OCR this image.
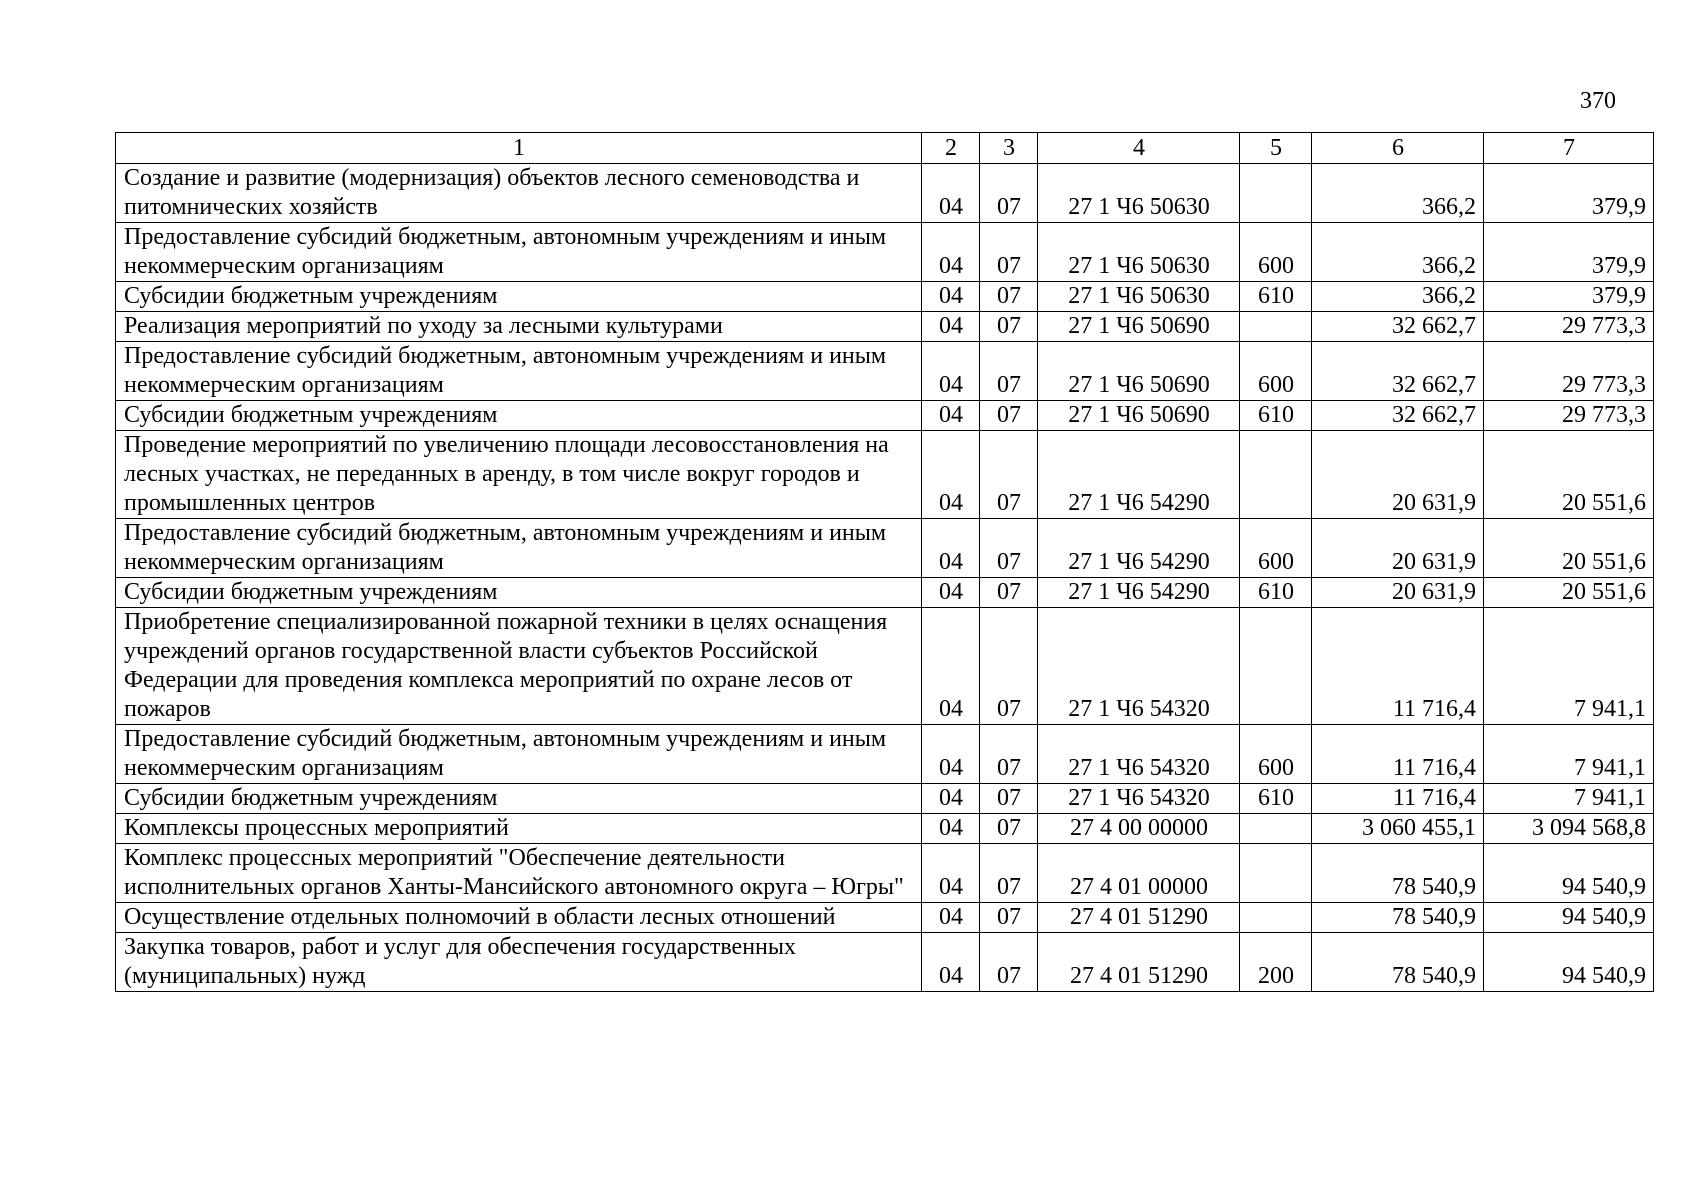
370
1	2	3	4	5	6	7
Создание и развитие (модернизация) объектов лесного семеноводства и питомнических хозяйств	04	07	27 1 Ч6 50630		366,2	379,9
Предоставление субсидий бюджетным, автономным учреждениям и иным некоммерческим организациям	04	07	27 1 Ч6 50630	600	366,2	379,9
Субсидии бюджетным учреждениям	04	07	27 1 Ч6 50630	610	366,2	379,9
Реализация мероприятий по уходу за лесными культурами	04	07	27 1 Ч6 50690		32 662,7	29 773,3
Предоставление субсидий бюджетным, автономным учреждениям и иным некоммерческим организациям	04	07	27 1 Ч6 50690	600	32 662,7	29 773,3
Субсидии бюджетным учреждениям	04	07	27 1 Ч6 50690	610	32 662,7	29 773,3
Проведение мероприятий по увеличению площади лесовосстановления на лесных участках, не переданных в аренду, в том числе вокруг городов и промышленных центров	04	07	27 1 Ч6 54290		20 631,9	20 551,6
Предоставление субсидий бюджетным, автономным учреждениям и иным некоммерческим организациям	04	07	27 1 Ч6 54290	600	20 631,9	20 551,6
Субсидии бюджетным учреждениям	04	07	27 1 Ч6 54290	610	20 631,9	20 551,6
Приобретение специализированной пожарной техники в целях оснащения учреждений органов государственной власти субъектов Российской Федерации для проведения комплекса мероприятий по охране лесов от пожаров	04	07	27 1 Ч6 54320		11 716,4	7 941,1
Предоставление субсидий бюджетным, автономным учреждениям и иным некоммерческим организациям	04	07	27 1 Ч6 54320	600	11 716,4	7 941,1
Субсидии бюджетным учреждениям	04	07	27 1 Ч6 54320	610	11 716,4	7 941,1
Комплексы процессных мероприятий	04	07	27 4 00 00000		3 060 455,1	3 094 568,8
Комплекс процессных мероприятий "Обеспечение деятельности исполнительных органов Ханты-Мансийского автономного округа – Югры"	04	07	27 4 01 00000		78 540,9	94 540,9
Осуществление отдельных полномочий в области лесных отношений	04	07	27 4 01 51290		78 540,9	94 540,9
Закупка товаров, работ и услуг для обеспечения государственных (муниципальных) нужд	04	07	27 4 01 51290	200	78 540,9	94 540,9
